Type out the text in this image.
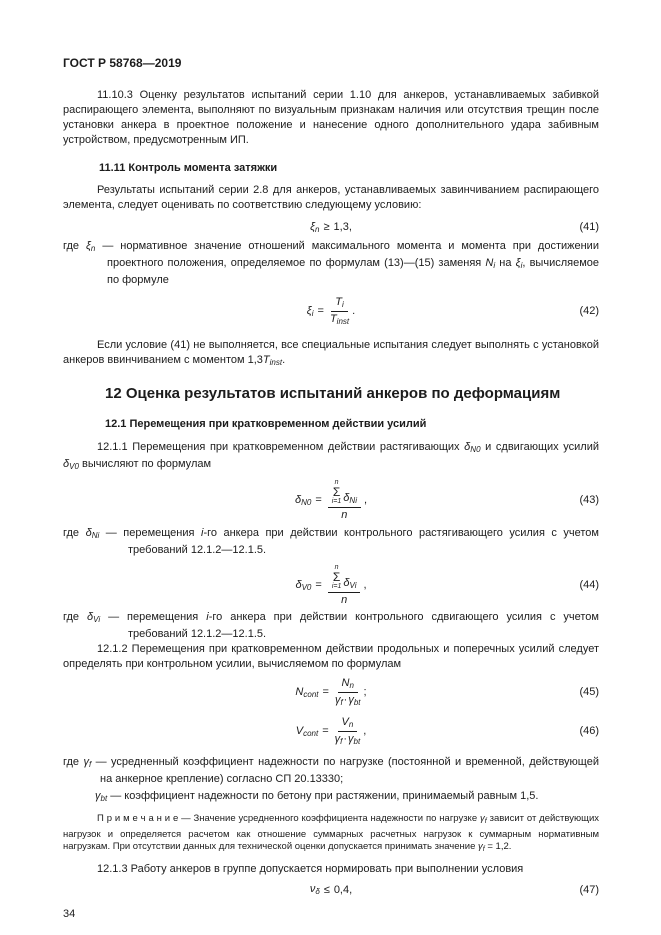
ГОСТ Р 58768—2019

11.10.3 Оценку результатов испытаний серии 1.10 для анкеров, устанавливаемых забивкой распирающего элемента, выполняют по визуальным признакам наличия или отсутствия трещин после установки анкера в проектное положение и нанесение одного дополнительного удара забивным устройством, предусмотренным ИП.

11.11 Контроль момента затяжки

Результаты испытаний серии 2.8 для анкеров, устанавливаемых завинчиванием распирающего элемента, следует оценивать по соответствию следующему условию:

ξn ≥ 1,3,	(41)

где ξn — нормативное значение отношений максимального момента и момента при достижении проектного положения, определяемое по формулам (13)—(15) заменяя Ni на ξi, вычисляемое по формуле

$\xi i = \frac{Ti}{\text{Tinst}}$ .	(42)

Если условие (41) не выполняется, все специальные испытания следует выполнять с установкой анкеров ввинчиванием с моментом 1,3Tinst.

12 Оценка результатов испытаний анкеров по деформациям

12.1 Перемещения при кратковременном действии усилий

12.1.1 Перемещения при кратковременном действии растягивающих δN0 и сдвигающих усилий δV0 вычисляют по формулам

δN0 = n
Σ
i=1 δNi
n ,	(43)

где δNi — перемещения i-го анкера при действии контрольного растягивающего усилия с учетом требований 12.1.2—12.1.5.

δV0 = n
Σ
i=1 δVi
n ,	(44)

где δVi — перемещения i-го анкера при действии контрольного сдвигающего усилия с учетом требований 12.1.2—12.1.5.

12.1.2 Перемещения при кратковременном действии продольных и поперечных усилий следует определять при контрольном усилии, вычисляемом по формулам

Ncont = $\frac{Nn}{\text{γf·γbt}}$ ;	(45)
Vcont = $\frac{Vn}{\text{γf·γbt}}$ ,	(46)

где γf — усредненный коэффициент надежности по нагрузке (постоянной и временной, действующей на анкерное крепление) согласно СП 20.13330;

γbt — коэффициент надежности по бетону при растяжении, принимаемый равным 1,5.

П р и м е ч а н и е — Значение усредненного коэффициента надежности по нагрузке $\gamma_f$ зависит от действующих нагрузок и определяется расчетом как отношение суммарных расчетных нагрузок к суммарным нормативным нагрузкам. При отсутствии данных для технической оценки допускается принимать значение $\gamma_f = 1,2$.

12.1.3 Работу анкеров в группе допускается нормировать при выполнении условия

νδ ≤ 0,4,	(47)
34
